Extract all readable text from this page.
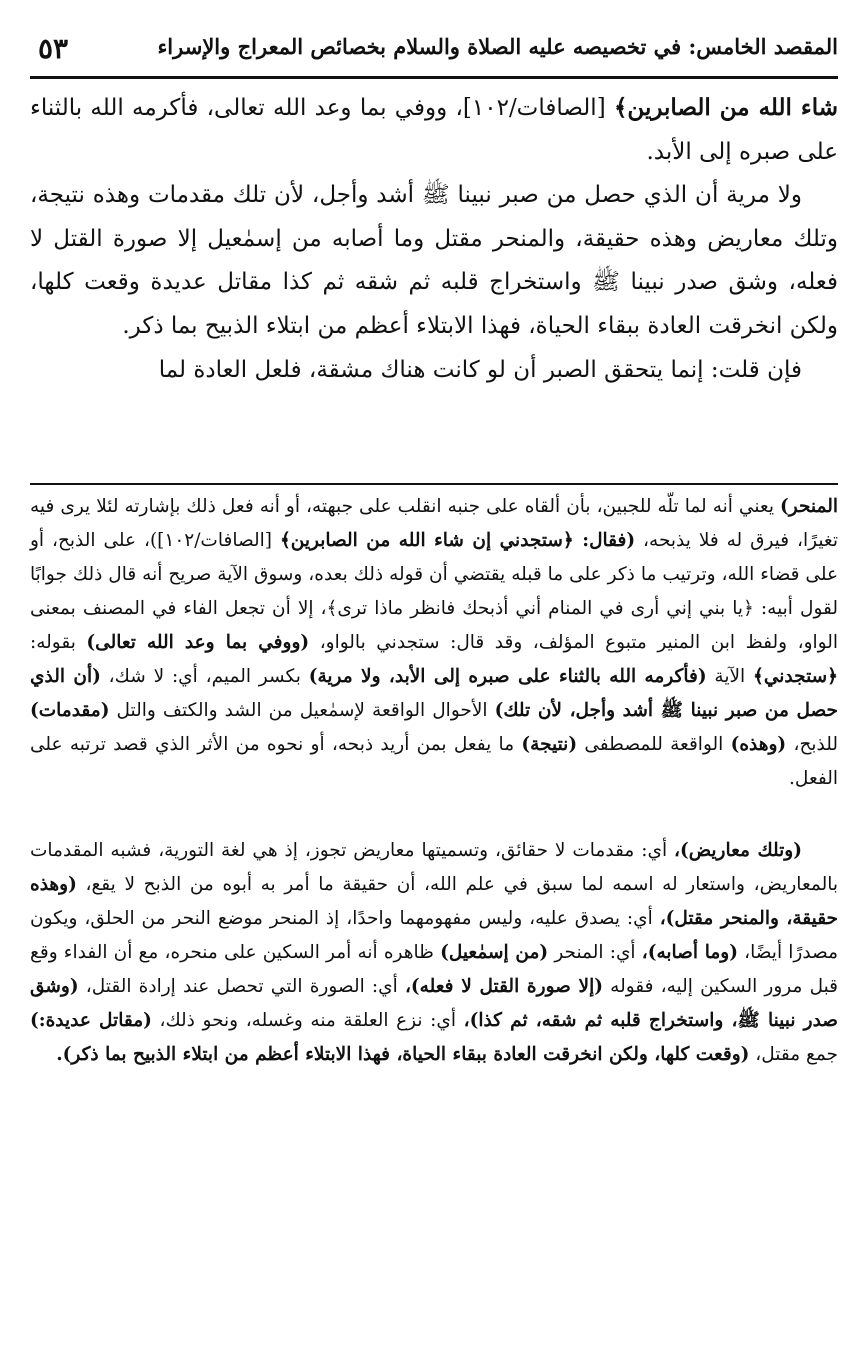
٥٣	المقصد الخامس: في تخصيصه عليه الصلاة والسلام بخصائص المعراج والإسراء

شاء الله من الصابرين﴾ [الصافات/١٠٢]، ووفي بما وعد الله تعالى، فأكرمه الله بالثناء على صبره إلى الأبد.

ولا مرية أن الذي حصل من صبر نبينا ﷺ أشد وأجل، لأن تلك مقدمات وهذه نتيجة، وتلك معاريض وهذه حقيقة، والمنحر مقتل وما أصابه من إسمٰعيل إلا صورة القتل لا فعله، وشق صدر نبينا ﷺ واستخراج قلبه ثم شقه ثم كذا مقاتل عديدة وقعت كلها، ولكن انخرقت العادة ببقاء الحياة، فهذا الابتلاء أعظم من ابتلاء الذبيح بما ذكر.

فإن قلت: إنما يتحقق الصبر أن لو كانت هناك مشقة، فلعل العادة لما

المنحر) يعني أنه لما تلّه للجبين، بأن ألقاه على جنبه انقلب على جبهته، أو أنه فعل ذلك بإشارته لئلا يرى فيه تغيرًا، فيرق له فلا يذبحه، (فقال: ﴿ستجدني إن شاء الله من الصابرين﴾ [الصافات/١٠٢])، على الذبح، أو على قضاء الله، وترتيب ما ذكر على ما قبله يقتضي أن قوله ذلك بعده، وسوق الآية صريح أنه قال ذلك جوابًا لقول أبيه: ﴿يا بني إني أرى في المنام أني أذبحك فانظر ماذا ترى﴾، إلا أن تجعل الفاء في المصنف بمعنى الواو، ولفظ ابن المنير متبوع المؤلف، وقد قال: ستجدني بالواو، (ووفي بما وعد الله تعالى) بقوله: ﴿ستجدني﴾ الآية (فأكرمه الله بالثناء على صبره إلى الأبد، ولا مرية) بكسر الميم، أي: لا شك، (أن الذي حصل من صبر نبينا ﷺ أشد وأجل، لأن تلك) الأحوال الواقعة لإسمٰعيل من الشد والكتف والتل (مقدمات) للذبح، (وهذه) الواقعة للمصطفى (نتيجة) ما يفعل بمن أريد ذبحه، أو نحوه من الأثر الذي قصد ترتبه على الفعل.

(وتلك معاريض)، أي: مقدمات لا حقائق، وتسميتها معاريض تجوز، إذ هي لغة التورية، فشبه المقدمات بالمعاريض، واستعار له اسمه لما سبق في علم الله، أن حقيقة ما أمر به أبوه من الذبح لا يقع، (وهذه حقيقة، والمنحر مقتل)، أي: يصدق عليه، وليس مفهومهما واحدًا، إذ المنحر موضع النحر من الحلق، ويكون مصدرًا أيضًا، (وما أصابه)، أي: المنحر (من إسمٰعيل) ظاهره أنه أمر السكين على منحره، مع أن الفداء وقع قبل مرور السكين إليه، فقوله (إلا صورة القتل لا فعله)، أي: الصورة التي تحصل عند إرادة القتل، (وشق صدر نبينا ﷺ، واستخراج قلبه ثم شقه، ثم كذا)، أي: نزع العلقة منه وغسله، ونحو ذلك، (مقاتل عديدة:) جمع مقتل، (وقعت كلها، ولكن انخرقت العادة ببقاء الحياة، فهذا الابتلاء أعظم من ابتلاء الذبيح بما ذكر).
